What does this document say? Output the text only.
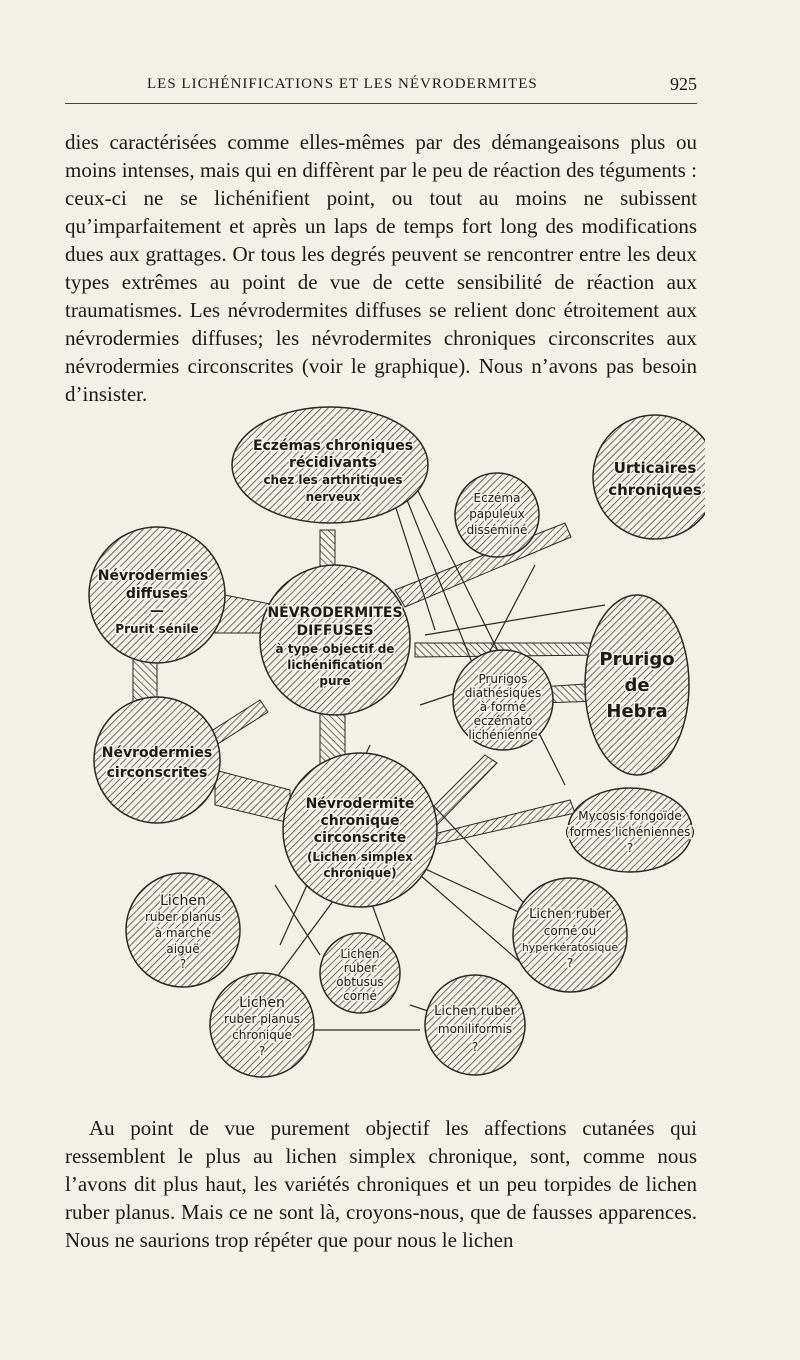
LES LICHÉNIFICATIONS ET LES NÉVRODERMITES	925

dies caractérisées comme elles-mêmes par des démangeaisons plus ou moins intenses, mais qui en diffèrent par le peu de réaction des téguments : ceux-ci ne se lichénifient point, ou tout au moins ne subissent qu’imparfaitement et après un laps de temps fort long des modifications dues aux grattages. Or tous les degrés peuvent se rencontrer entre les deux types extrêmes au point de vue de cette sensibilité de réaction aux traumatismes. Les névrodermites diffuses se relient donc étroitement aux névrodermies diffuses; les névrodermites chroniques circonscrites aux névrodermies circonscrites (voir le graphique). Nous n’avons pas besoin d’insister.

Eczémas chroniques récidivants chez les arthritiques nerveux
Urticaires chroniques
Eczéma papuleux disséminé
Névrodermies diffuses — Prurit sénile
NÉVRODERMITES DIFFUSES à type objectif de lichénification pure
Prurigo de Hebra
Prurigos diathésiques à forme eczémato lichénienne
Névrodermies circonscrites
Névrodermite chronique circonscrite (Lichen simplex chronique)
Mycosis fongoïde (formes lichéniennes) ?
Lichen ruber planus à marche aiguë ?
Lichen ruber corné ou hyperkératosique ?
Lichen ruber obtusus corné
Lichen ruber moniliformis ?
Lichen ruber planus chronique ?

Au point de vue purement objectif les affections cutanées qui ressemblent le plus au lichen simplex chronique, sont, comme nous l’avons dit plus haut, les variétés chroniques et un peu torpides de lichen ruber planus. Mais ce ne sont là, croyons-nous, que de fausses apparences. Nous ne saurions trop répéter que pour nous le lichen
